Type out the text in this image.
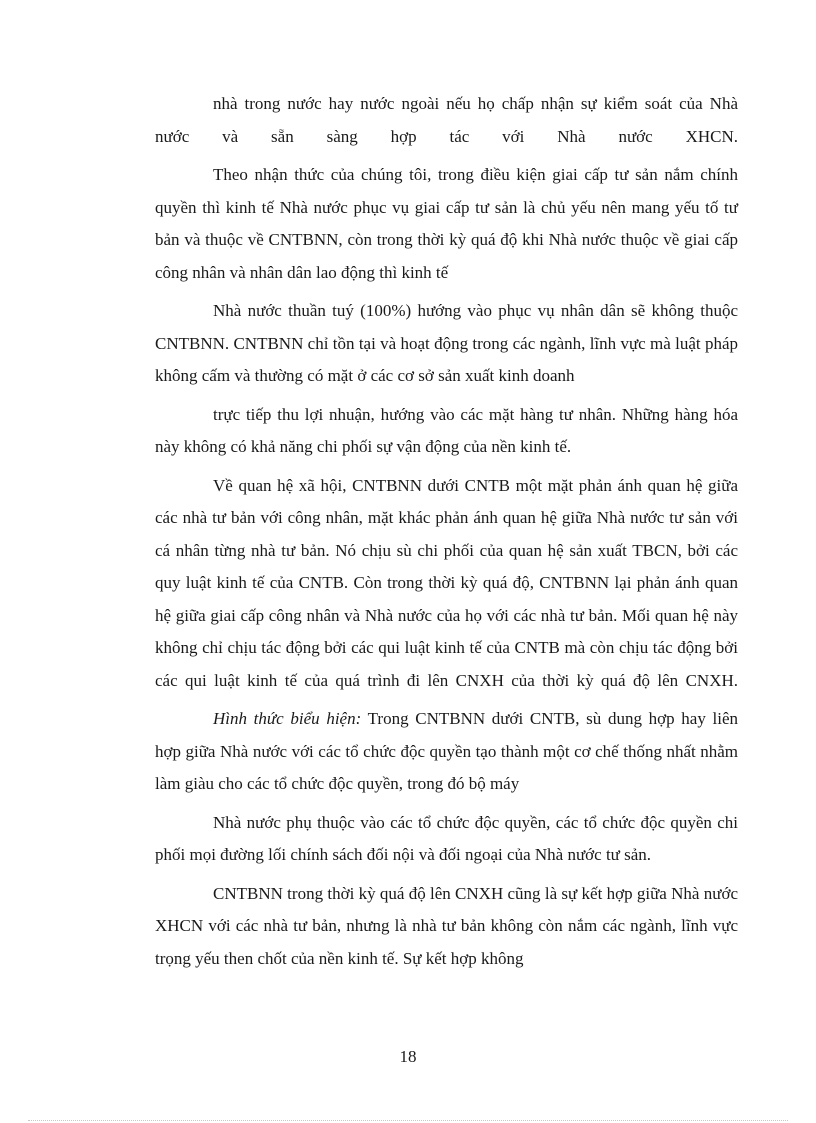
nhà trong nước hay nước ngoài nếu họ chấp nhận sự kiểm soát của Nhà nước và sẵn sàng hợp tác với Nhà nước XHCN.

Theo nhận thức của chúng tôi, trong điều kiện giai cấp tư sản nắm chính quyền thì kinh tế Nhà nước phục vụ giai cấp tư sản là chủ yếu nên mang yếu tố tư bản và thuộc về CNTBNN, còn trong thời kỳ quá độ khi Nhà nước thuộc về giai cấp công nhân và nhân dân lao động thì kinh tế

Nhà nước thuần tuý (100%) hướng vào phục vụ nhân dân sẽ không thuộc CNTBNN. CNTBNN chỉ tồn tại và hoạt động trong các ngành, lĩnh vực mà luật pháp không cấm và thường có mặt ở các cơ sở sản xuất kinh doanh

trực tiếp thu lợi nhuận, hướng vào các mặt hàng tư nhân. Những hàng hóa này không có khả năng chi phối sự vận động của nền kinh tế.

Về quan hệ xã hội, CNTBNN dưới CNTB một mặt phản ánh quan hệ giữa các nhà tư bản với công nhân, mặt khác phản ánh quan hệ giữa Nhà nước tư sản với cá nhân từng nhà tư bản. Nó chịu sù chi phối của quan hệ sản xuất TBCN, bởi các quy luật kinh tế của CNTB. Còn trong thời kỳ quá độ, CNTBNN lại phản ánh quan hệ giữa giai cấp công nhân và Nhà nước của họ với các nhà tư bản. Mối quan hệ này không chỉ chịu tác động bởi các qui luật kinh tế của CNTB mà còn chịu tác động bởi các qui luật kinh tế của quá trình đi lên CNXH của thời kỳ quá độ lên CNXH.

Hình thức biểu hiện: Trong CNTBNN dưới CNTB, sù dung hợp hay liên hợp giữa Nhà nước với các tổ chức độc quyền tạo thành một cơ chế thống nhất nhằm làm giàu cho các tổ chức độc quyền, trong đó bộ máy

Nhà nước phụ thuộc vào các tổ chức độc quyền, các tổ chức độc quyền chi phối mọi đường lối chính sách đối nội và đối ngoại của Nhà nước tư sản.

CNTBNN trong thời kỳ quá độ lên CNXH cũng là sự kết hợp giữa Nhà nước XHCN với các nhà tư bản, nhưng là nhà tư bản không còn nắm các ngành, lĩnh vực trọng yếu then chốt của nền kinh tế. Sự kết hợp không

18
